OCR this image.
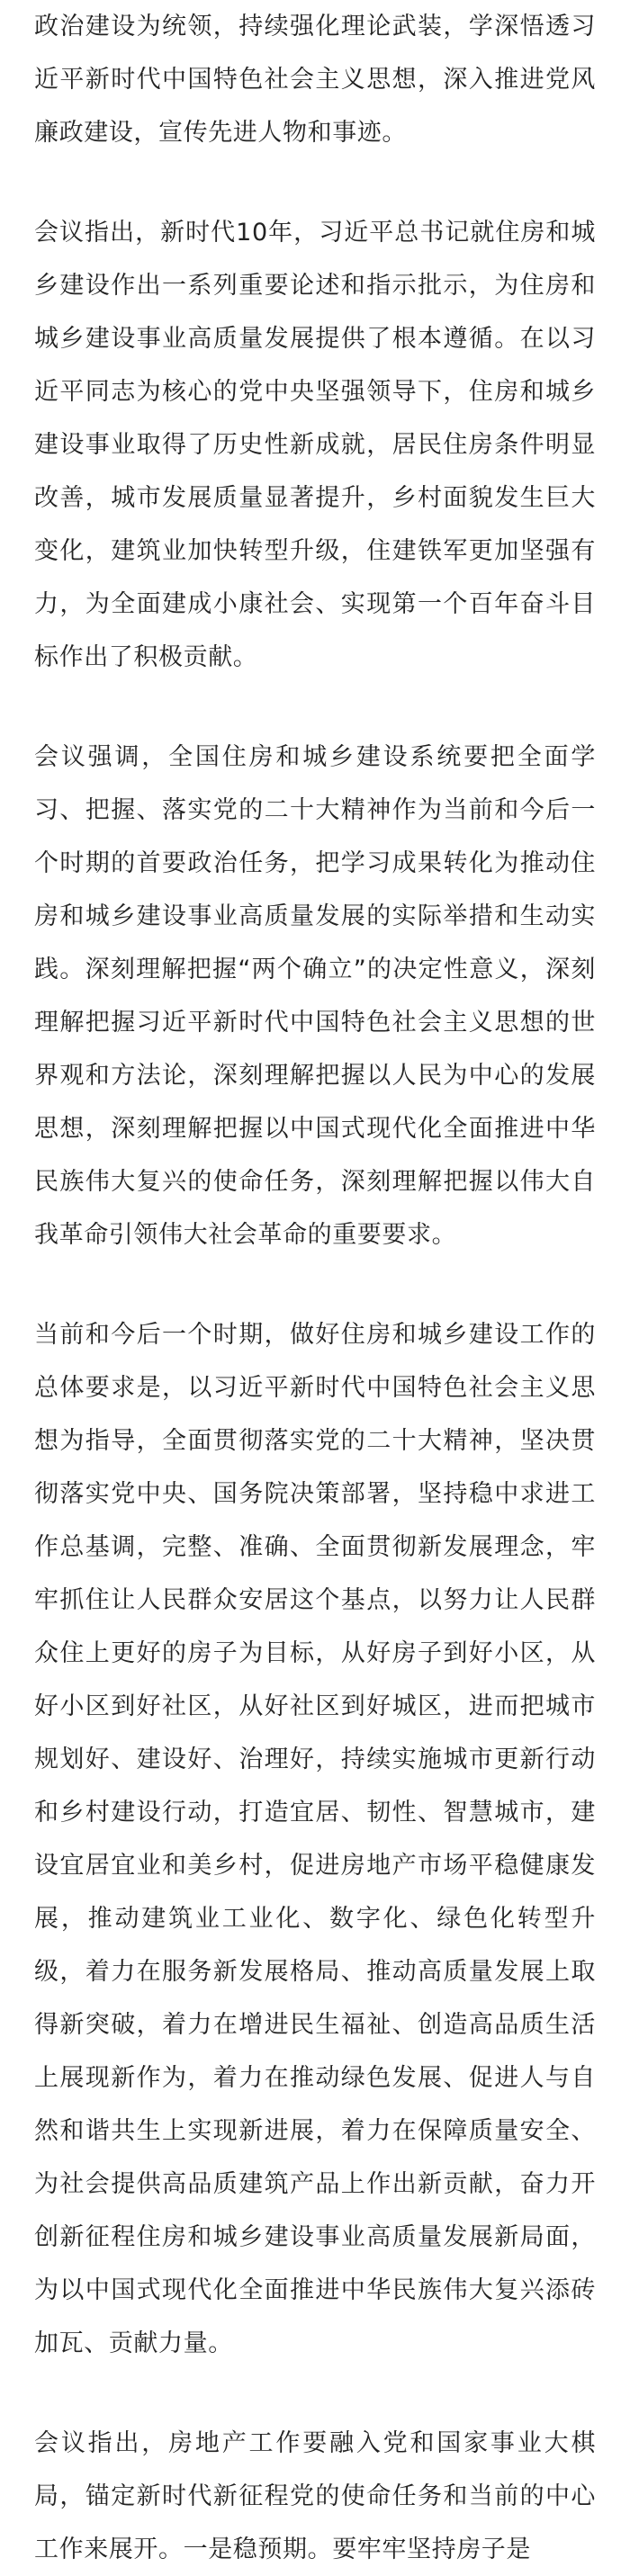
政治建设为统领，持续强化理论武装，学深悟透习近平新时代中国特色社会主义思想，深入推进党风廉政建设，宣传先进人物和事迹。

会议指出，新时代10年，习近平总书记就住房和城乡建设作出一系列重要论述和指示批示，为住房和城乡建设事业高质量发展提供了根本遵循。在以习近平同志为核心的党中央坚强领导下，住房和城乡建设事业取得了历史性新成就，居民住房条件明显改善，城市发展质量显著提升，乡村面貌发生巨大变化，建筑业加快转型升级，住建铁军更加坚强有力，为全面建成小康社会、实现第一个百年奋斗目标作出了积极贡献。

会议强调，全国住房和城乡建设系统要把全面学习、把握、落实党的二十大精神作为当前和今后一个时期的首要政治任务，把学习成果转化为推动住房和城乡建设事业高质量发展的实际举措和生动实践。深刻理解把握“两个确立”的决定性意义，深刻理解把握习近平新时代中国特色社会主义思想的世界观和方法论，深刻理解把握以人民为中心的发展思想，深刻理解把握以中国式现代化全面推进中华民族伟大复兴的使命任务，深刻理解把握以伟大自我革命引领伟大社会革命的重要要求。

当前和今后一个时期，做好住房和城乡建设工作的总体要求是，以习近平新时代中国特色社会主义思想为指导，全面贯彻落实党的二十大精神，坚决贯彻落实党中央、国务院决策部署，坚持稳中求进工作总基调，完整、准确、全面贯彻新发展理念，牢牢抓住让人民群众安居这个基点，以努力让人民群众住上更好的房子为目标，从好房子到好小区，从好小区到好社区，从好社区到好城区，进而把城市规划好、建设好、治理好，持续实施城市更新行动和乡村建设行动，打造宜居、韧性、智慧城市，建设宜居宜业和美乡村，促进房地产市场平稳健康发展，推动建筑业工业化、数字化、绿色化转型升级，着力在服务新发展格局、推动高质量发展上取得新突破，着力在增进民生福祉、创造高品质生活上展现新作为，着力在推动绿色发展、促进人与自然和谐共生上实现新进展，着力在保障质量安全、为社会提供高品质建筑产品上作出新贡献，奋力开创新征程住房和城乡建设事业高质量发展新局面，为以中国式现代化全面推进中华民族伟大复兴添砖加瓦、贡献力量。

会议指出，房地产工作要融入党和国家事业大棋局，锚定新时代新征程党的使命任务和当前的中心工作来展开。一是稳预期。要牢牢坚持房子是
